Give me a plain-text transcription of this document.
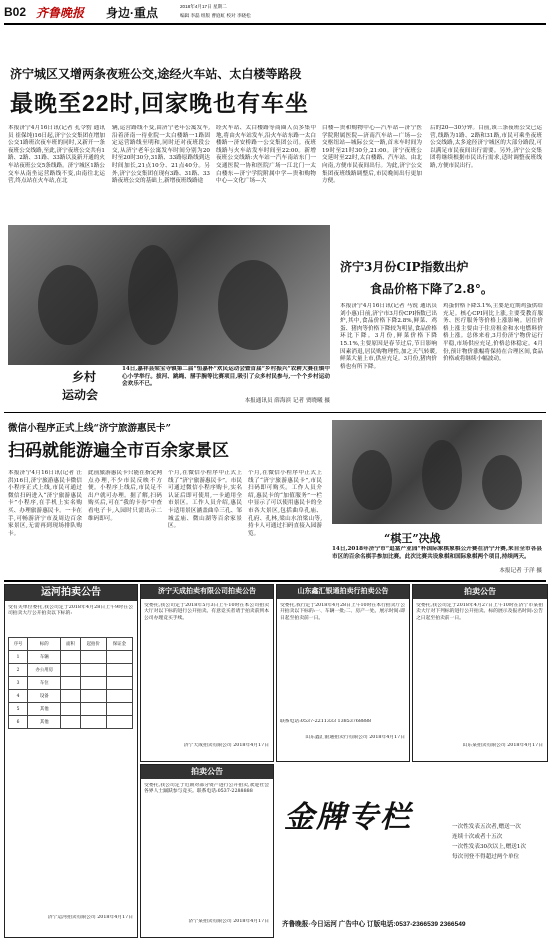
B02 齐鲁晚报 身边·重点	2018年4月17日 星期二
编辑 李磊 组版 曹庭虹 校对 李晓松
济宁城区又增两条夜班公交,途经火车站、太白楼等路段
最晚至22时,回家晚也有车坐
本报济宁4月16日讯(记者 孔令豹 通讯员 崔保纯)16日起,济宁公交集团在增加公交1路班次夜车班的同时,又新开一条夜班公交线路,至此,济宁夜班公交共有1路、2路、31路、33路以及新开通的火车站夜班公交5条线路。济宁城区1路公交车从南坐运营路线不变,由南往北运营,终点站在火车站,在北
辆,运营路线不变,由济宁老年公寓发车,沿着济南一待业院一太白楼路一1路固定运营路线至明和,同时还对夜班段公交,从济宁老年公寓发车时间分别为20时至20时30分,31路、33路原路线到达时间加长,21点10分、21点40分。另外,济宁公交集团在现有3路、31路、33路夜班公交的基础上,新增夜班线路途
经火车站、太白楼路等商圈人员多集中地,将由火车站发车,沿火车站东路一太白楼路一济安桥路一公交集团公司。夜班线路与火车站发车时间至22:00。新增夜班公交线路:火车站一汽车南站东门一交通医院一协和医院广场一江北门一太白楼东—济宁学院附属中学—贵和购物中心—文化广场—大
白楼—贵和购物中心—汽车站—济宁医学院附属医院—济南汽车站—广场—公交枢纽站—城际公交一路,首末车时间为19时至21时30分,21:00。济宁夜班公交延时至22时,太白楼路、汽车站、由北向南,方便市民夜间出行。为此,济宁公交集团夜班线路调整后,市民晚间出行更加方便。
后的20—30分钟。目前,该三条夜班公交已运营,线路为1路、2路和31路,市民可乘坐夜班公交线路,太多途径济宁城区的大部分路段,可以满足市民夜间出行需要。另外,济宁公交集团将继续根据市民出行需求,适时调整夜班线路,方便市民出行。
乡村
运动会
14日,嘉祥县梁宝寺镇第二届“恒嘉杯”欢民运动会暨首届“乡村振兴”农耕大赛在镇中心小学举行。拔河、跳绳、掰手腕等比赛项目,吸引了众多村民参与,一个个乡村运动会欢乐不已。
本报通讯员 薛海滨 记者 贾晓曦 摄
济宁3月份CIP指数出炉
食品价格下降了2.8°。
本报济宁4月16日讯(记者 马锐 通讯员 刘小惠)日前,济宁市3月份CPI指数已出炉,其中,食品价格下降2.8%,鲜菜、鸡蛋、猪肉等价格下降较为明显,食品价格环比下降。3月份,鲜菜价格下降15.1%,主要原因是春节过后,节日影响因素消退,居民购物理性,加之天气转暖,鲜菜大量上市,供应充足。3月份,猪肉价格也有所下降。
鸡蛋价格下降3.1%,主要是近期鸡蛋供给充足。核心CPI同比上涨,主要受教育服务、医疗服务等价格上涨影响。居住价格上涨主要由于住房租金和水电燃料价格上涨。总体来看,3月份济宁物价运行平稳,市场供应充足,价格总体稳定。4月份,预计物价涨幅将保持在合理区间,食品价格或将继续小幅波动。
微信小程序正式上线“济宁旅游惠民卡”
扫码就能游遍全市百余家景区
本报济宁4月16日讯(记者 汪洪)16日,济宁旅游惠民卡微信小程序正式上线,市民可通过微信扫码进入“济宁旅游惠民卡”小程序,在手机上实名购买、办理旅游惠民卡。一卡在手,可畅游济宁市及周边百余家景区,无需再到现场排队购卡。
此前旅游惠民卡只能在指定网点办理,不少市民反映不方便。小程序上线后,市民足不出户就可办理。据了解,扫码购买后,可在“我的卡券”中查看电子卡,入园时只需出示二维码即可。
个月,在微信小程序中正式上线了“济宁旅游惠民卡”。市民可通过微信小程序购卡,实名认证后即可使用,一卡通用全市景区。工作人员介绍,惠民卡适用景区涵盖曲阜三孔、邹城孟庙、微山湖等百余家景区。
个月,在微信小程序中正式上线了“济宁旅游惠民卡”,市民扫码即可购买。工作人员介绍,惠民卡的“加值服务”一栏中显示了可以使用惠民卡的全市各大景区,包括曲阜孔庙、孔府、孔林,梁山水泊梁山等,持卡人可通过扫码直接入园游览。	“棋王”决战
14日,2018年济宁市“追富产业园”杯国际象棋象棋公开赛在济宁开赛,来自全市各县市区的百余名棋手参加比赛。此次比赛共设象棋和国际象棋两个项目,持续两天。
本报记者 于洋 摄
运河拍卖公告
受有关单位委托,我公司定于2018年4月28日上午9时在公司拍卖大厅公开拍卖以下标的:
序号	标的	面积	起拍价	保证金
1	车辆			
2	办公用房			
3	车位			
4	设备			
5	其他			
6	其他			
济宁运河拍卖有限公司 2018年4月17日
济宁天成拍卖有限公司拍卖公告
受委托,我公司定于2018年5月3日上午10时在本公司拍卖大厅对以下标的进行公开拍卖。有意竞买者请于拍卖前到本公司办理竞买手续。
济宁天成拍卖有限公司 2018年4月17日
拍卖公告
受委托,我公司定于近期对部分资产进行公开拍卖,欢迎社会各界人士踊跃参与竞买。联系电话:0537-2288888
济宁某拍卖有限公司 2018年4月17日
山东鑫汇银通拍卖行拍卖公告
受委托,我行定于2018年4月28日上午10时在本行拍卖厅公开拍卖以下标的:一、车辆一批;二、房产一处。展示时间:即日起至拍卖前一日。
联系电话:0537-2211333 13853768888
山东鑫汇银通拍卖行有限公司 2018年4月17日
拍卖公告
受委托,我公司定于2018年4月27日上午10时在济宁市某拍卖大厅对下列标的进行公开拍卖。标的展示及报名时间:公告之日起至拍卖前一日。
山东某拍卖有限公司 2018年4月17日
金牌专栏	一次性发表五次者,赠送一次
连续十次或者十五次
一次性发表30次以上,赠送1次
每次刊登不得超过两个单位
齐鲁晚报·今日运河 广告中心 订版电话:0537-2366539 2366549
